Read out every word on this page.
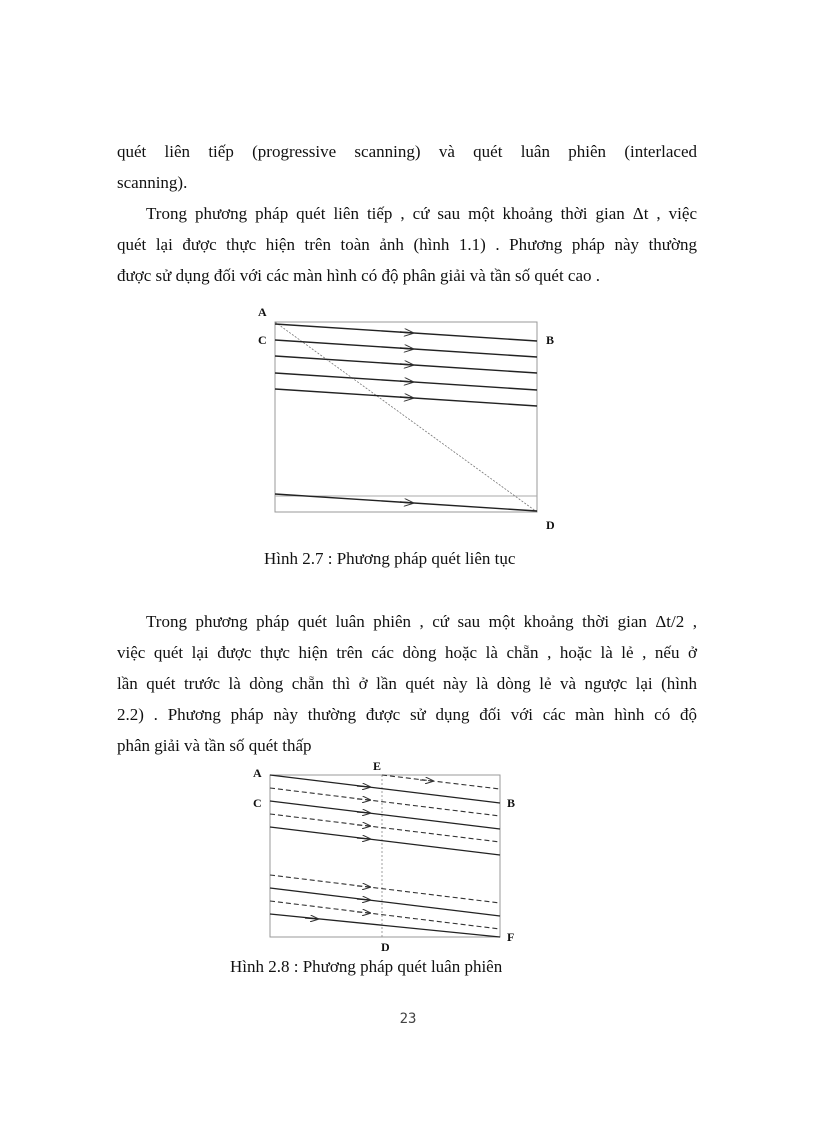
quét liên tiếp (progressive scanning) và quét luân phiên (interlaced
scanning).
Trong phương pháp quét liên tiếp , cứ sau một khoảng thời gian Δt , việc
quét lại được thực hiện trên toàn ảnh (hình 1.1) . Phương pháp này thường
được sử dụng đối với các màn hình có độ phân giải và tần số quét cao .
A
C	B
D
Hình 2.7 : Phương pháp quét liên tục
Trong phương pháp quét luân phiên , cứ sau một khoảng thời gian Δt/2 ,
việc quét lại được thực hiện trên các dòng hoặc là chẵn , hoặc là lẻ , nếu ở
lần quét trước là dòng chẵn thì ở lần quét này là dòng lẻ và ngược lại (hình
2.2) . Phương pháp này thường được sử dụng đối với các màn hình có độ
phân giải và tần số quét thấp
A	E
C	B
D
F
Hình 2.8 : Phương pháp quét luân phiên
23
